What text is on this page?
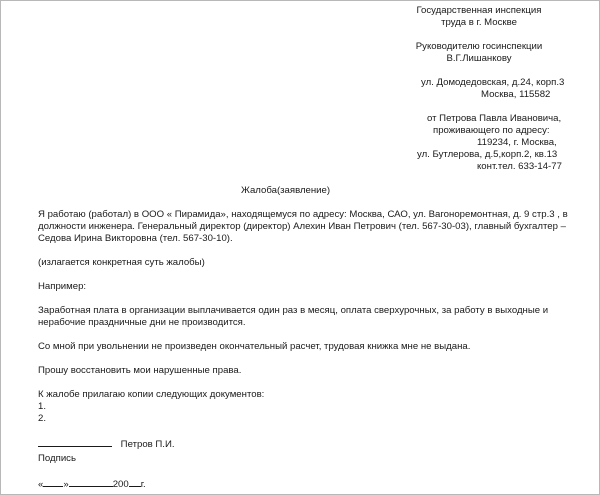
Государственная инспекция
труда в г. Москве
Руководителю госинспекции
В.Г.Лишанкову
ул. Домодедовская, д.24, корп.3
Москва, 115582
от Петрова Павла Ивановича,
проживающего по адресу:
119234, г. Москва,
ул. Бутлерова, д.5,корп.2, кв.13
конт.тел. 633-14-77
Жалоба(заявление)
Я работаю (работал) в ООО « Пирамида», находящемуся по адресу: Москва, САО, ул. Вагоноремонтная, д. 9 стр.3 , в
должности инженера. Генеральный директор (директор) Алехин Иван Петрович (тел. 567-30-03), главный бухгалтер –
Седова Ирина Викторовна (тел. 567-30-10).
(излагается конкретная суть жалобы)
Например:
Заработная плата в организации выплачивается один раз в месяц, оплата сверхурочных, за работу в выходные и
нерабочие праздничные дни не производится.
Со мной при увольнении не произведен окончательный расчет, трудовая книжка мне не выдана.
Прошу восстановить мои нарушенные права.
К жалобе прилагаю копии следующих документов:
1.
2.
Петров П.И.
Подпись
« »	200 г.
